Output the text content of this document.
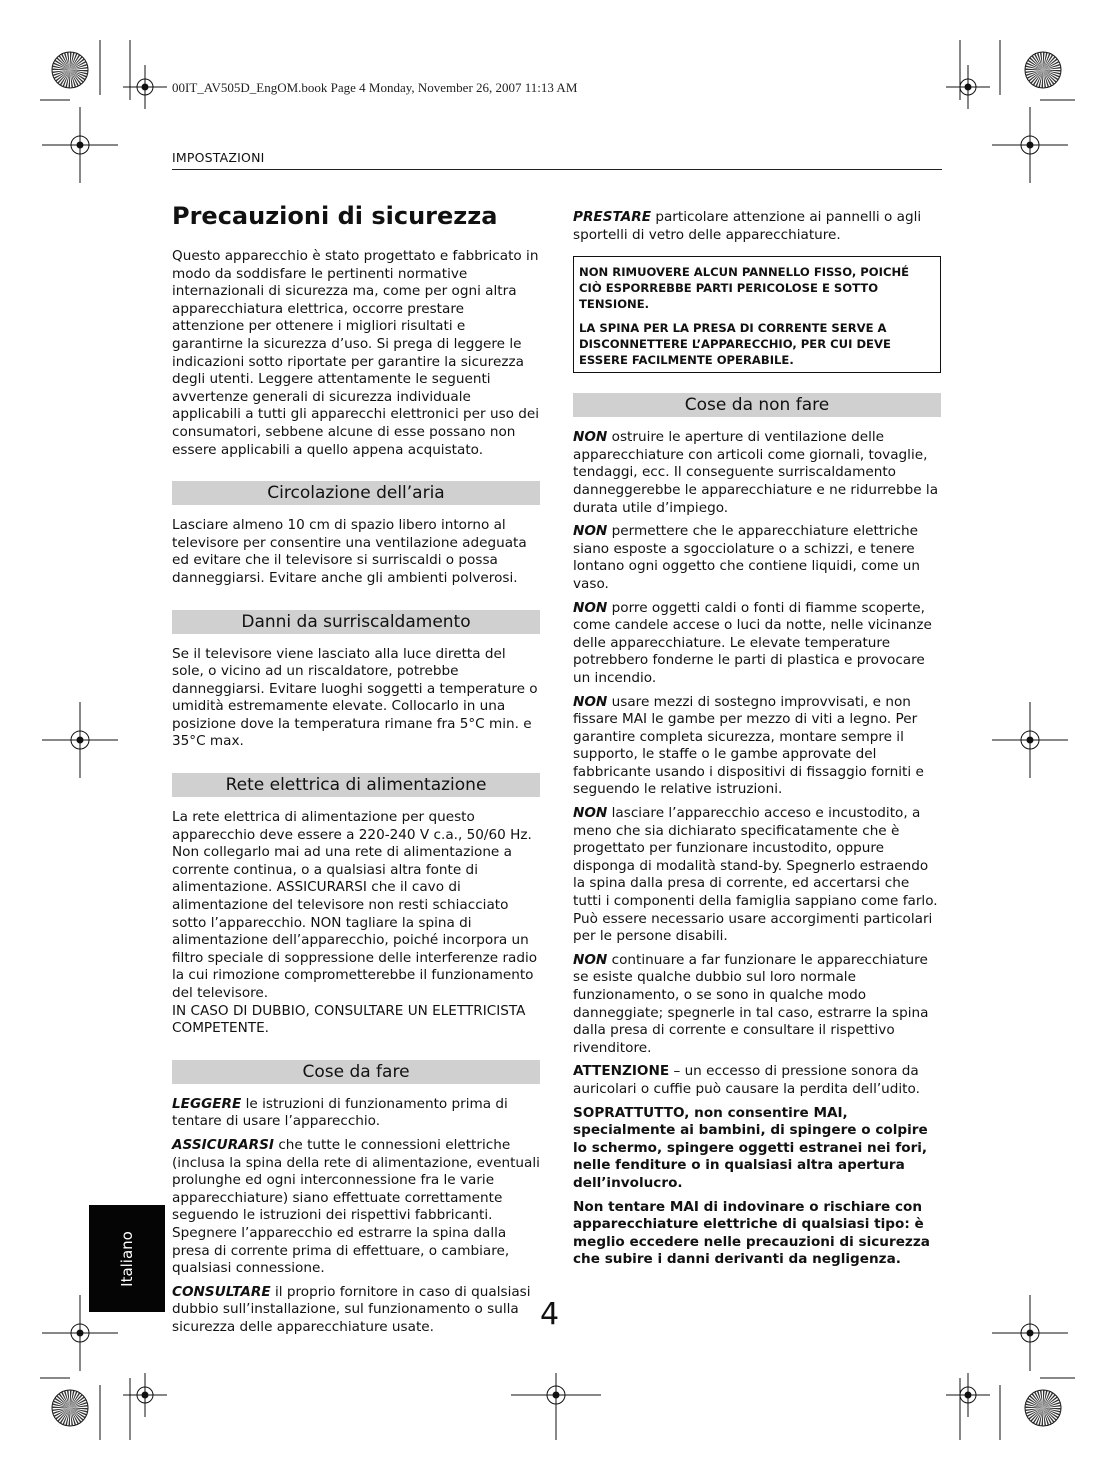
00IT_AV505D_EngOM.book Page 4 Monday, November 26, 2007 11:13 AM
IMPOSTAZIONI
Precauzioni di sicurezza

Questo apparecchio è stato progettato e fabbricato in modo da soddisfare le pertinenti normative internazionali di sicurezza ma, come per ogni altra apparecchiatura elettrica, occorre prestare attenzione per ottenere i migliori risultati e garantirne la sicurezza d’uso. Si prega di leggere le indicazioni sotto riportate per garantire la sicurezza degli utenti. Leggere attentamente le seguenti avvertenze generali di sicurezza individuale applicabili a tutti gli apparecchi elettronici per uso dei consumatori, sebbene alcune di esse possano non essere applicabili a quello appena acquistato.

Circolazione dell’aria

Lasciare almeno 10 cm di spazio libero intorno al televisore per consentire una ventilazione adeguata ed evitare che il televisore si surriscaldi o possa danneggiarsi. Evitare anche gli ambienti polverosi.

Danni da surriscaldamento

Se il televisore viene lasciato alla luce diretta del sole, o vicino ad un riscaldatore, potrebbe danneggiarsi. Evitare luoghi soggetti a temperature o umidità estremamente elevate. Collocarlo in una posizione dove la temperatura rimane fra 5°C min. e 35°C max.

Rete elettrica di alimentazione

La rete elettrica di alimentazione per questo apparecchio deve essere a 220-240 V c.a., 50/60 Hz. Non collegarlo mai ad una rete di alimentazione a corrente continua, o a qualsiasi altra fonte di alimentazione. ASSICURARSI che il cavo di alimentazione del televisore non resti schiacciato sotto l’apparecchio. NON tagliare la spina di alimentazione dell’apparecchio, poiché incorpora un filtro speciale di soppressione delle interferenze radio la cui rimozione comprometterebbe il funzionamento del televisore.
IN CASO DI DUBBIO, CONSULTARE UN ELETTRICISTA COMPETENTE.

Cose da fare

LEGGERE le istruzioni di funzionamento prima di tentare di usare l’apparecchio.

ASSICURARSI che tutte le connessioni elettriche (inclusa la spina della rete di alimentazione, eventuali prolunghe ed ogni interconnessione fra le varie apparecchiature) siano effettuate correttamente seguendo le istruzioni dei rispettivi fabbricanti. Spegnere l’apparecchio ed estrarre la spina dalla presa di corrente prima di effettuare, o cambiare, qualsiasi connessione.

CONSULTARE il proprio fornitore in caso di qualsiasi dubbio sull’installazione, sul funzionamento o sulla sicurezza delle apparecchiature usate.

PRESTARE particolare attenzione ai pannelli o agli sportelli di vetro delle apparecchiature.

NON RIMUOVERE ALCUN PANNELLO FISSO, POICHÉ CIÒ ESPORREBBE PARTI PERICOLOSE E SOTTO TENSIONE.

LA SPINA PER LA PRESA DI CORRENTE SERVE A DISCONNETTERE L’APPARECCHIO, PER CUI DEVE ESSERE FACILMENTE OPERABILE.

Cose da non fare

NON ostruire le aperture di ventilazione delle apparecchiature con articoli come giornali, tovaglie, tendaggi, ecc. Il conseguente surriscaldamento danneggerebbe le apparecchiature e ne ridurrebbe la durata utile d’impiego.

NON permettere che le apparecchiature elettriche siano esposte a sgocciolature o a schizzi, e tenere lontano ogni oggetto che contiene liquidi, come un vaso.

NON porre oggetti caldi o fonti di fiamme scoperte, come candele accese o luci da notte, nelle vicinanze delle apparecchiature. Le elevate temperature potrebbero fonderne le parti di plastica e provocare un incendio.

NON usare mezzi di sostegno improvvisati, e non fissare MAI le gambe per mezzo di viti a legno. Per garantire completa sicurezza, montare sempre il supporto, le staffe o le gambe approvate del fabbricante usando i dispositivi di fissaggio forniti e seguendo le relative istruzioni.

NON lasciare l’apparecchio acceso e incustodito, a meno che sia dichiarato specificatamente che è progettato per funzionare incustodito, oppure disponga di modalità stand-by. Spegnerlo estraendo la spina dalla presa di corrente, ed accertarsi che tutti i componenti della famiglia sappiano come farlo. Può essere necessario usare accorgimenti particolari per le persone disabili.

NON continuare a far funzionare le apparecchiature se esiste qualche dubbio sul loro normale funzionamento, o se sono in qualche modo danneggiate; spegnerle in tal caso, estrarre la spina dalla presa di corrente e consultare il rispettivo rivenditore.

ATTENZIONE – un eccesso di pressione sonora da auricolari o cuffie può causare la perdita dell’udito.

SOPRATTUTTO, non consentire MAI, specialmente ai bambini, di spingere o colpire lo schermo, spingere oggetti estranei nei fori, nelle fenditure o in qualsiasi altra apertura dell’involucro.

Non tentare MAI di indovinare o rischiare con apparecchiature elettriche di qualsiasi tipo: è meglio eccedere nelle precauzioni di sicurezza che subire i danni derivanti da negligenza.

Italiano
4
